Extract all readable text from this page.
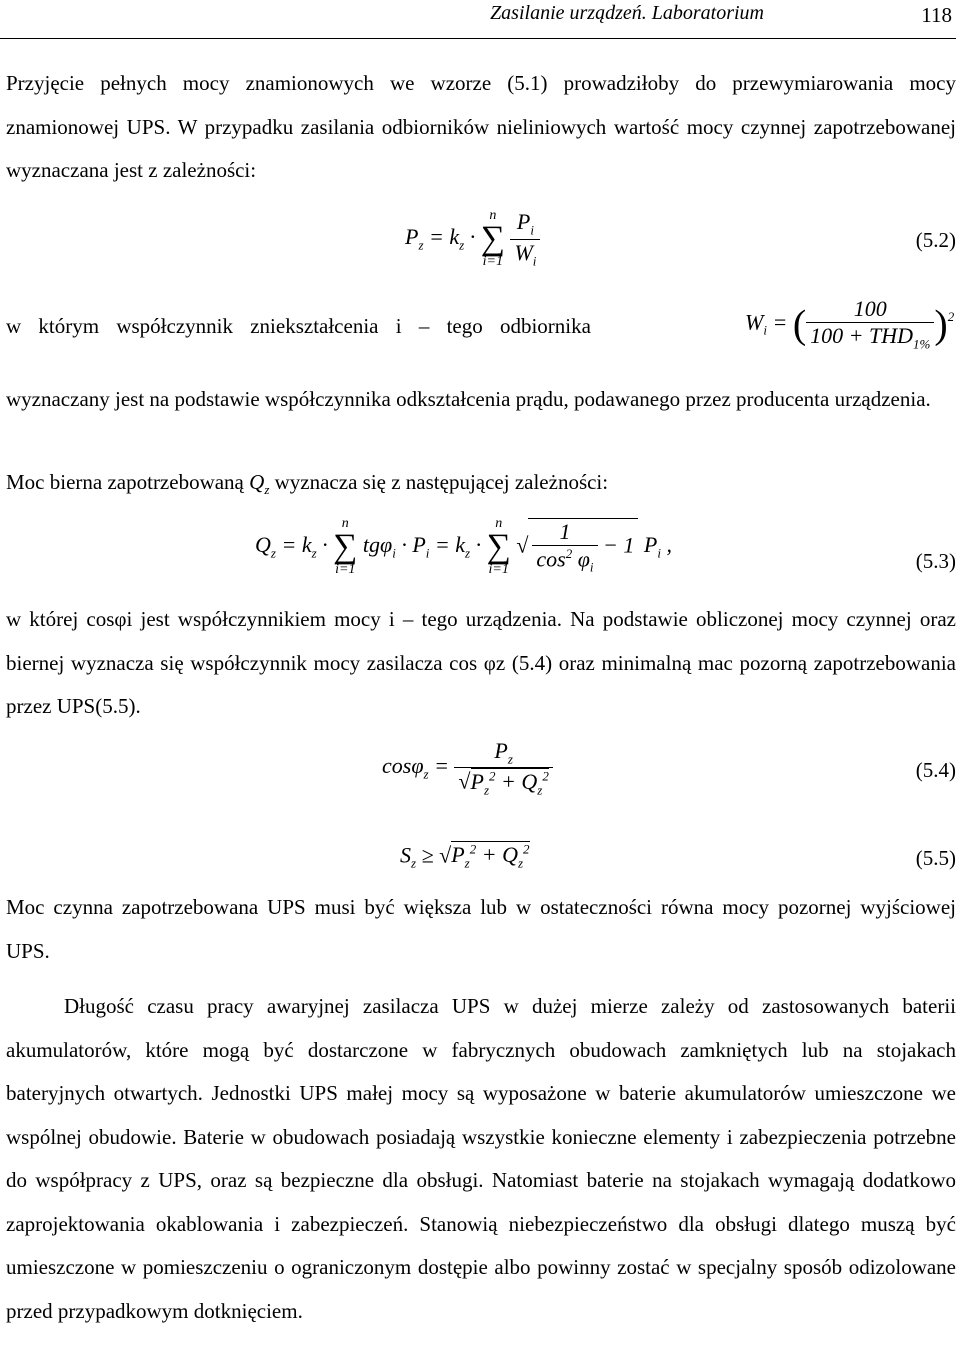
Zasilanie urządzeń. Laboratorium	118

Przyjęcie pełnych mocy znamionowych we wzorze (5.1) prowadziłoby do przewymiarowania mocy znamionowej UPS. W przypadku zasilania odbiorników nieliniowych wartość mocy czynnej zapotrzebowanej wyznaczana jest z zależności:

$P_z = k_z$ ·
n
∑
i=1
$\frac{P_i}{W_i}$	(5.2)
w którym współczynnik zniekształcenia i – tego odbiornika	$W_i$ = ( $\frac{100}{100 + THD_{1\%}} )^2$

wyznaczany jest na podstawie współczynnika odkształcenia prądu, podawanego przez producenta urządzenia.

Moc bierna zapotrzebowaną $Q_z$ wyznacza się z następującej zależności:
$Q_z = k_z$ ·
n
∑
i=1
$tg\varphi_i \cdot P_i = k_z$ ·
n
∑
i=1
√ $\frac{1}{\cos^2 \varphi_i} - 1$ $P_i$ ,
(5.3)

w której cosφi jest współczynnikiem mocy i – tego urządzenia. Na podstawie obliczonej mocy czynnej oraz biernej wyznacza się współczynnik mocy zasilacza cos φz (5.4) oraz minimalną mac pozorną zapotrzebowania przez UPS(5.5).

$\cos\varphi_z = \frac{P_z}{√P_z^2 + Q_z^2}$	(5.4)
$S_z \ge √P_z^2 + Q_z^2$	(5.5)

Moc czynna zapotrzebowana UPS musi być większa lub w ostateczności równa mocy pozornej wyjściowej UPS.

Długość czasu pracy awaryjnej zasilacza UPS w dużej mierze zależy od zastosowanych baterii akumulatorów, które mogą być dostarczone w fabrycznych obudowach zamkniętych lub na stojakach bateryjnych otwartych. Jednostki UPS małej mocy są wyposażone w baterie akumulatorów umieszczone we wspólnej obudowie. Baterie w obudowach posiadają wszystkie konieczne elementy i zabezpieczenia potrzebne do współpracy z UPS, oraz są bezpieczne dla obsługi. Natomiast baterie na stojakach wymagają dodatkowo zaprojektowania okablowania i zabezpieczeń. Stanowią niebezpieczeństwo dla obsługi dlatego muszą być umieszczone w pomieszczeniu o ograniczonym dostępie albo powinny zostać w specjalny sposób odizolowane przed przypadkowym dotknięciem.
